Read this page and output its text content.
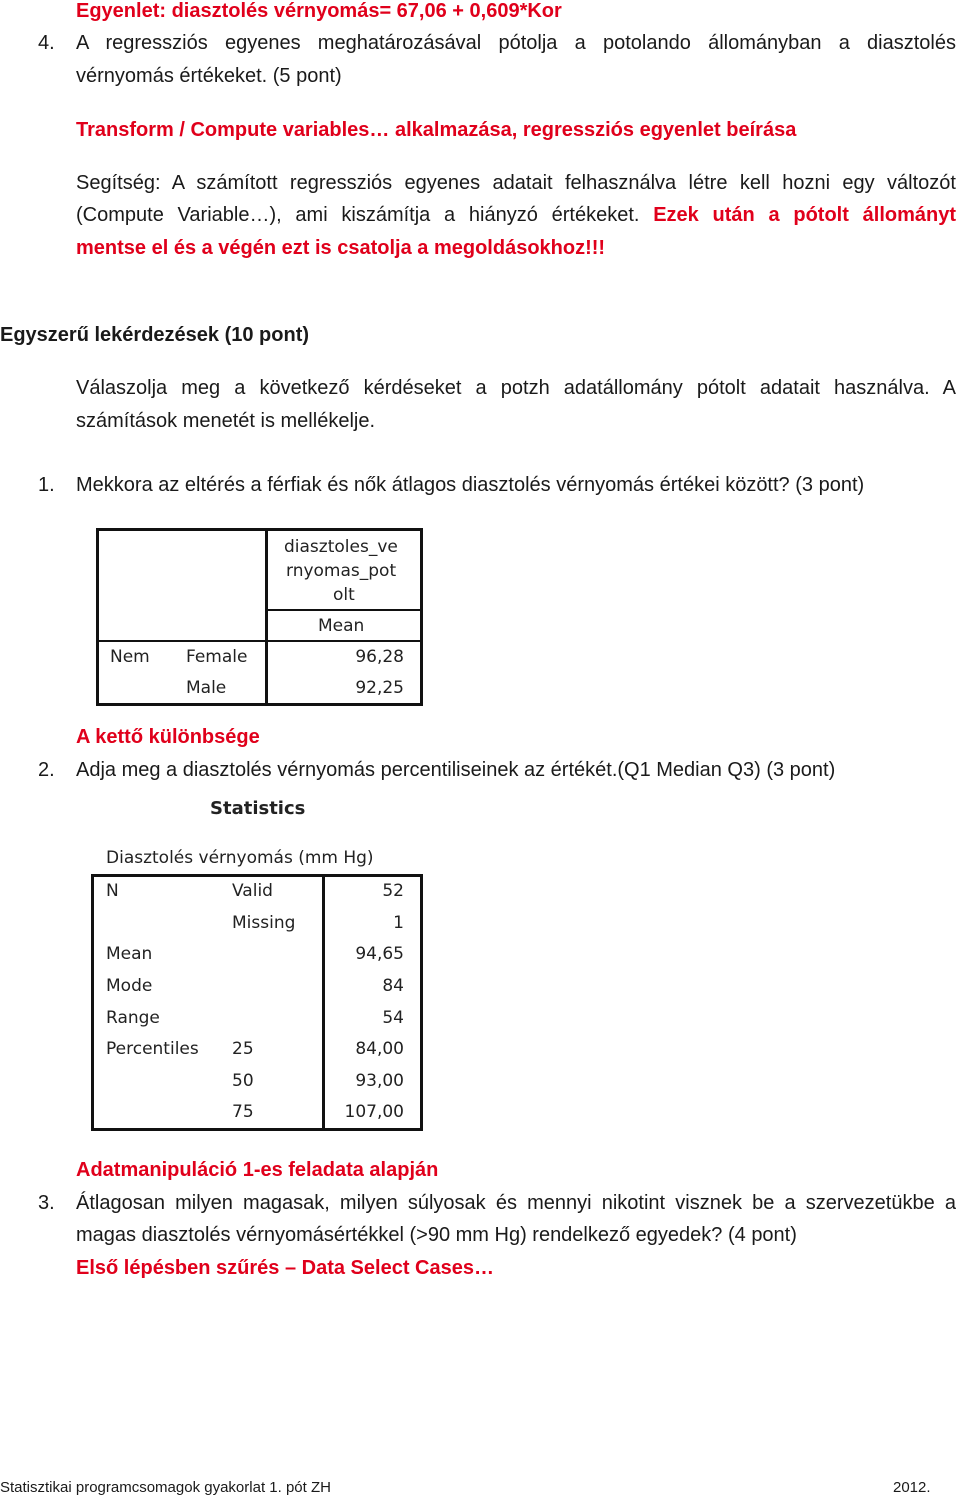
Egyenlet: diasztolés vérnyomás= 67,06 + 0,609*Kor
4. A regressziós egyenes meghatározásával pótolja a potolando állományban a diasztolés
vérnyomás értékeket. (5 pont)
Transform / Compute variables… alkalmazása, regressziós egyenlet beírása
Segítség: A számított regressziós egyenes adatait felhasználva létre kell hozni egy változót
(Compute Variable…), ami kiszámítja a hiányzó értékeket. Ezek után a pótolt állományt
mentse el és a végén ezt is csatolja a megoldásokhoz!!!
Egyszerű lekérdezések (10 pont)
Válaszolja meg a következő kérdéseket a potzh adatállomány pótolt adatait használva. A
számítások menetét is mellékelje.
1. Mekkora az eltérés a férfiak és nők átlagos diasztolés vérnyomás értékei között? (3 pont)
diasztoles_ve
rnyomas_pot
olt
Mean
Nem Female	96,28
Male	92,25
A kettő különbsége
2. Adja meg a diasztolés vérnyomás percentiliseinek az értékét.(Q1 Median Q3) (3 pont)
Statistics
Diasztolés vérnyomás (mm Hg)
N	Valid	52
Missing	1
Mean	94,65
Mode	84
Range	54
Percentiles 25	84,00
50	93,00
75	107,00
Adatmanipuláció 1-es feladata alapján
3. Átlagosan milyen magasak, milyen súlyosak és mennyi nikotint visznek be a szervezetükbe a
magas diasztolés vérnyomásértékkel (>90 mm Hg) rendelkező egyedek? (4 pont)
Első lépésben szűrés – Data Select Cases…
Statisztikai programcsomagok gyakorlat 1. pót ZH	2012.
